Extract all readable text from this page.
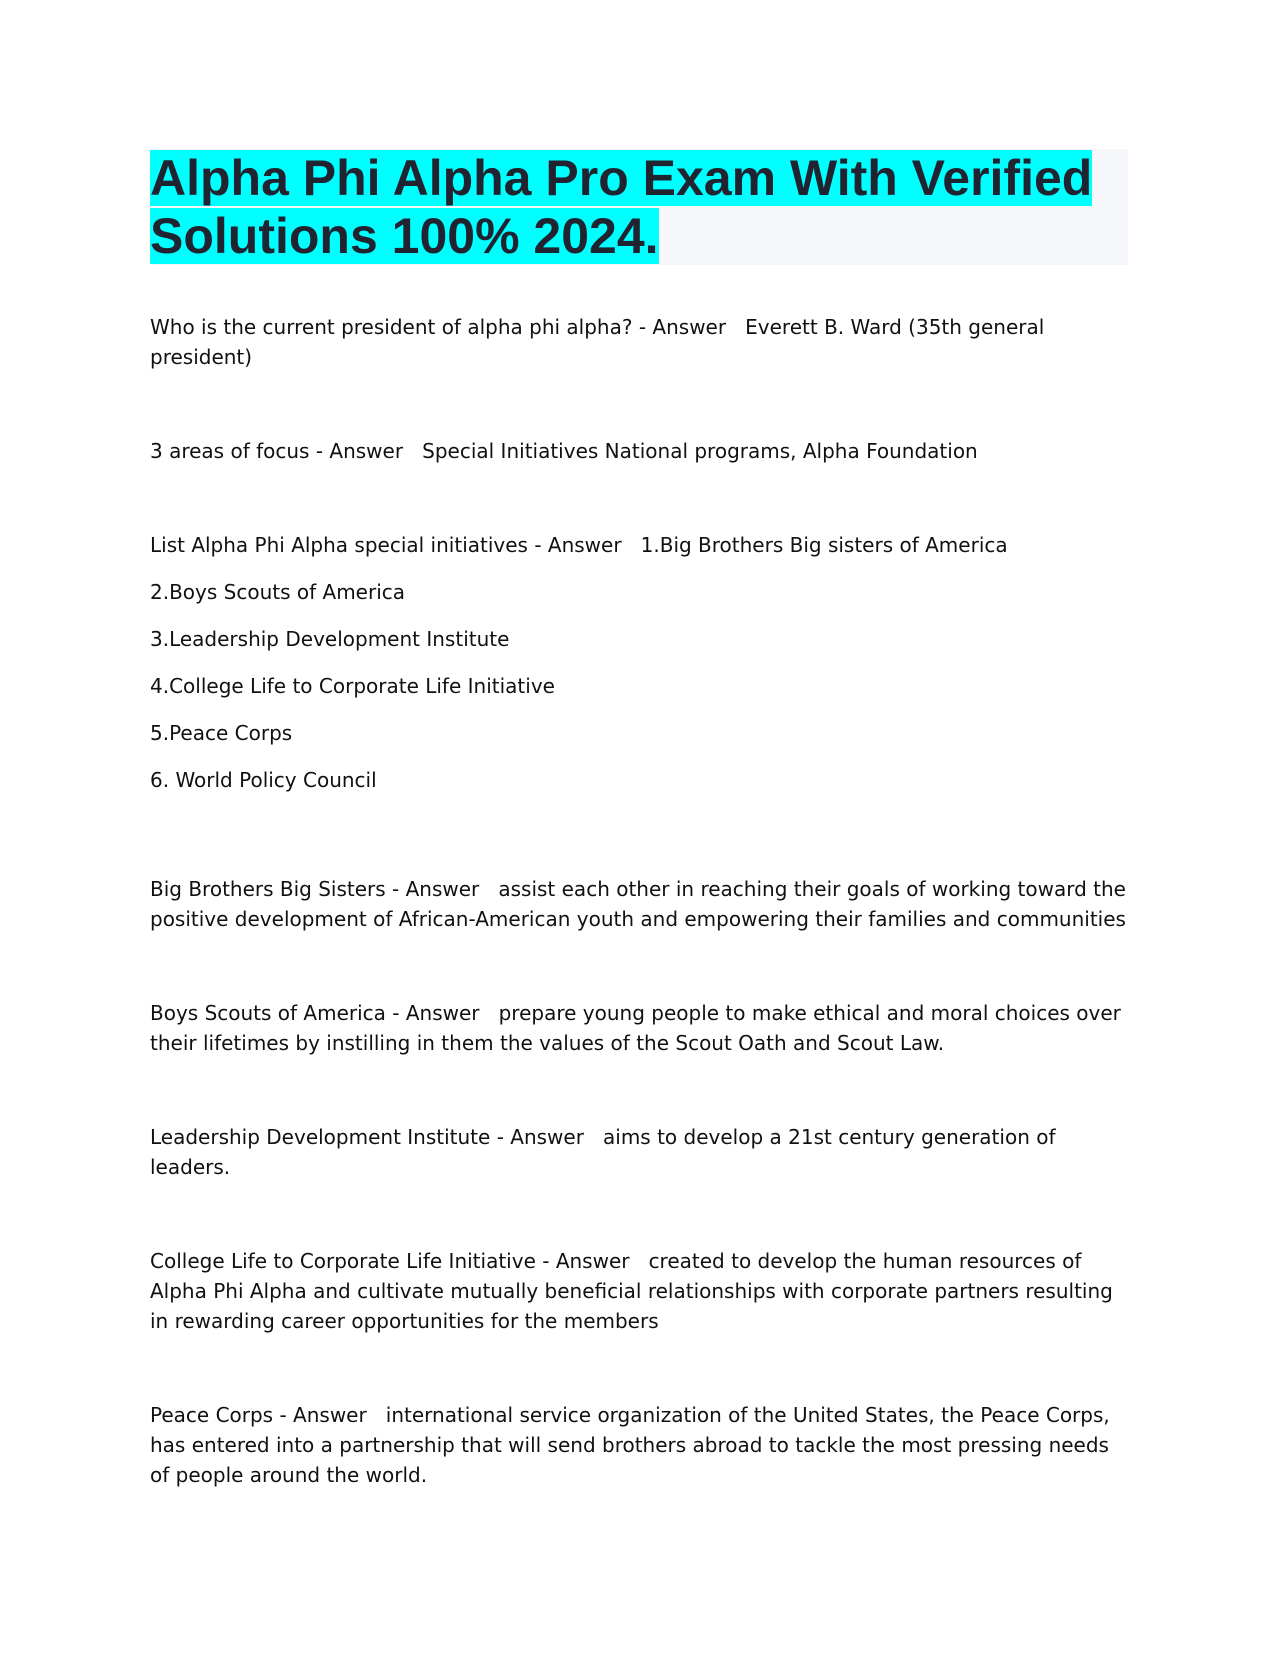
Alpha Phi Alpha Pro Exam With Verified Solutions 100% 2024.

Who is the current president of alpha phi alpha? - Answer   Everett B. Ward (35th general president)

3 areas of focus - Answer   Special Initiatives National programs, Alpha Foundation

List Alpha Phi Alpha special initiatives - Answer   1.Big Brothers Big sisters of America

2.Boys Scouts of America
3.Leadership Development Institute
4.College Life to Corporate Life Initiative
5.Peace Corps
6. World Policy Council

Big Brothers Big Sisters - Answer   assist each other in reaching their goals of working toward the positive development of African-American youth and empowering their families and communities

Boys Scouts of America - Answer   prepare young people to make ethical and moral choices over their lifetimes by instilling in them the values of the Scout Oath and Scout Law.

Leadership Development Institute - Answer   aims to develop a 21st century generation of leaders.

College Life to Corporate Life Initiative - Answer   created to develop the human resources of Alpha Phi Alpha and cultivate mutually beneficial relationships with corporate partners resulting in rewarding career opportunities for the members

Peace Corps - Answer   international service organization of the United States, the Peace Corps, has entered into a partnership that will send brothers abroad to tackle the most pressing needs of people around the world.
